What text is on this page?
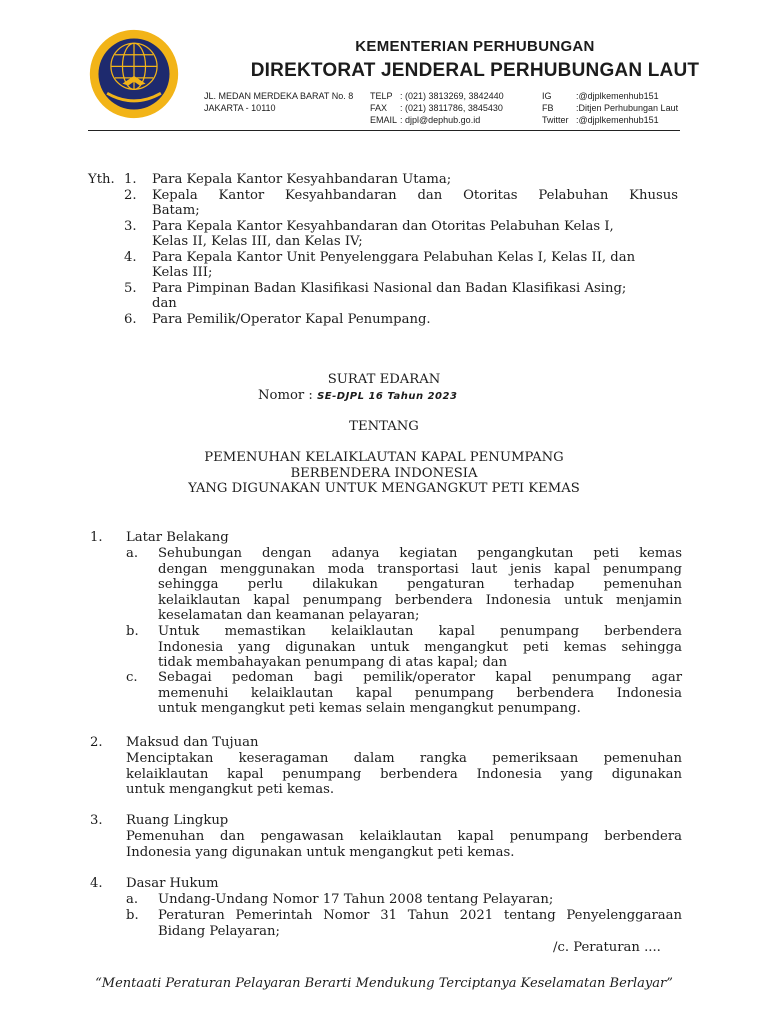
KEMENTERIAN PERHUBUNGAN
DIREKTORAT JENDERAL PERHUBUNGAN LAUT
JL. MEDAN MERDEKA BARAT No. 8
JAKARTA - 10110
TELP	: (021) 3813269, 3842440
FAX	: (021) 3811786, 3845430
EMAIL	: djpl@dephub.go.id
IG	:@djplkemenhub151
FB	:Ditjen Perhubungan Laut
Twitter	:@djplkemenhub151
Yth. 1. Para Kepala Kantor Kesyahbandaran Utama;
2. Kepala Kantor Kesyahbandaran dan Otoritas Pelabuhan Khusus
Batam;
3. Para Kepala Kantor Kesyahbandaran dan Otoritas Pelabuhan Kelas I,
Kelas II, Kelas III, dan Kelas IV;
4. Para Kepala Kantor Unit Penyelenggara Pelabuhan Kelas I, Kelas II, dan
Kelas III;
5. Para Pimpinan Badan Klasifikasi Nasional dan Badan Klasifikasi Asing;
dan
6. Para Pemilik/Operator Kapal Penumpang.
SURAT EDARAN
Nomor : SE-DJPL 16 Tahun 2023
TENTANG
PEMENUHAN KELAIKLAUTAN KAPAL PENUMPANG
BERBENDERA INDONESIA
YANG DIGUNAKAN UNTUK MENGANGKUT PETI KEMAS
1. Latar Belakang
a. Sehubungan dengan adanya kegiatan pengangkutan peti kemas
dengan menggunakan moda transportasi laut jenis kapal penumpang
sehingga perlu dilakukan pengaturan terhadap pemenuhan
kelaiklautan kapal penumpang berbendera Indonesia untuk menjamin
keselamatan dan keamanan pelayaran;
b. Untuk memastikan kelaiklautan kapal penumpang berbendera
Indonesia yang digunakan untuk mengangkut peti kemas sehingga
tidak membahayakan penumpang di atas kapal; dan
c. Sebagai pedoman bagi pemilik/operator kapal penumpang agar
memenuhi kelaiklautan kapal penumpang berbendera Indonesia
untuk mengangkut peti kemas selain mengangkut penumpang.
2. Maksud dan Tujuan
Menciptakan keseragaman dalam rangka pemeriksaan pemenuhan
kelaiklautan kapal penumpang berbendera Indonesia yang digunakan
untuk mengangkut peti kemas.
3. Ruang Lingkup
Pemenuhan dan pengawasan kelaiklautan kapal penumpang berbendera
Indonesia yang digunakan untuk mengangkut peti kemas.
4. Dasar Hukum
a. Undang-Undang Nomor 17 Tahun 2008 tentang Pelayaran;
b. Peraturan Pemerintah Nomor 31 Tahun 2021 tentang Penyelenggaraan
Bidang Pelayaran;
/c. Peraturan ....
“Mentaati Peraturan Pelayaran Berarti Mendukung Terciptanya Keselamatan Berlayar”
